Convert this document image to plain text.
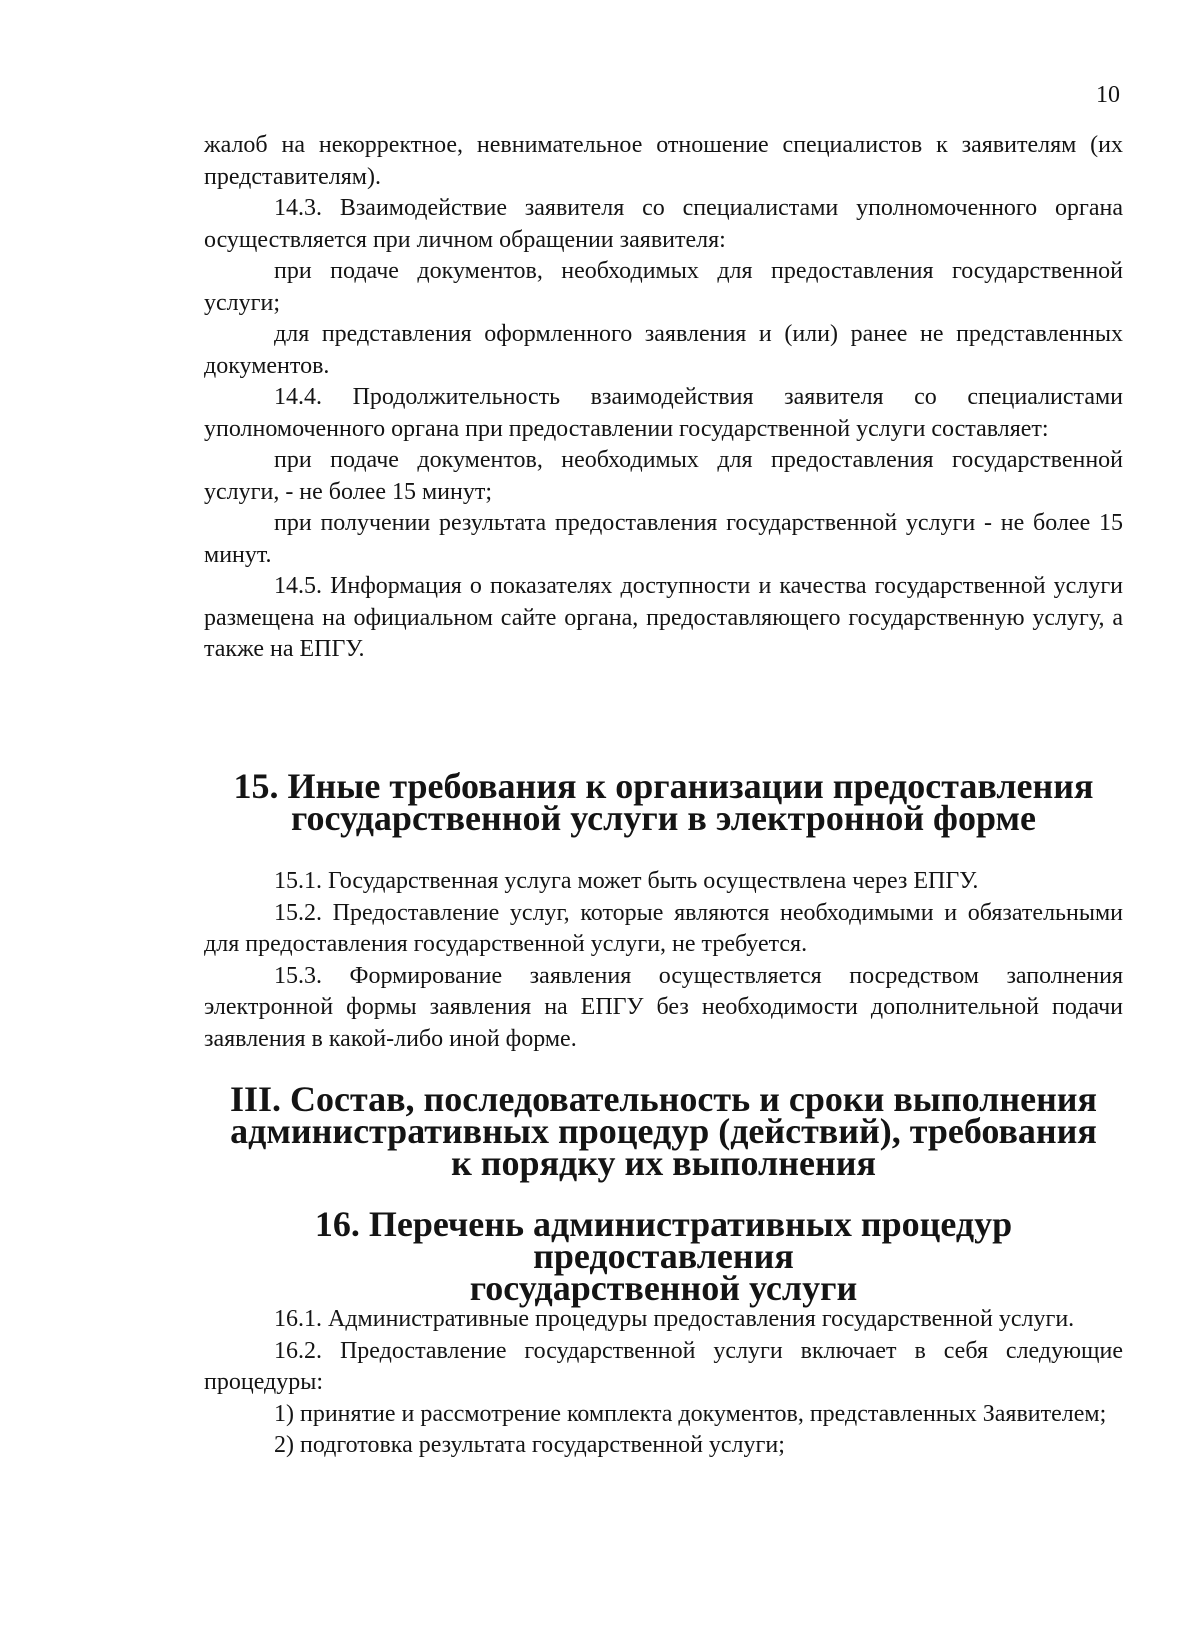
10

жалоб на некорректное, невнимательное отношение специалистов к заявителям (их представителям).

14.3. Взаимодействие заявителя со специалистами уполномоченного органа осуществляется при личном обращении заявителя:

при подаче документов, необходимых для предоставления государственной услуги;

для представления оформленного заявления и (или) ранее не представленных документов.

14.4. Продолжительность взаимодействия заявителя со специалистами уполномоченного органа при предоставлении государственной услуги составляет:

при подаче документов, необходимых для предоставления государственной услуги, - не более 15 минут;

при получении результата предоставления государственной услуги - не более 15 минут.

14.5. Информация о показателях доступности и качества государственной услуги размещена на официальном сайте органа, предоставляющего государственную услугу, а также на ЕПГУ.

15. Иные требования к организации предоставления
государственной услуги в электронной форме

15.1. Государственная услуга может быть осуществлена через ЕПГУ.

15.2. Предоставление услуг, которые являются необходимыми и обязательными для предоставления государственной услуги, не требуется.

15.3. Формирование заявления осуществляется посредством заполнения электронной формы заявления на ЕПГУ без необходимости дополнительной подачи заявления в какой-либо иной форме.

III. Состав, последовательность и сроки выполнения
административных процедур (действий), требования
к порядку их выполнения
16. Перечень административных процедур предоставления
государственной услуги

16.1. Административные процедуры предоставления государственной услуги.

16.2. Предоставление государственной услуги включает в себя следующие процедуры:

1) принятие и рассмотрение комплекта документов, представленных Заявителем;

2) подготовка результата государственной услуги;
